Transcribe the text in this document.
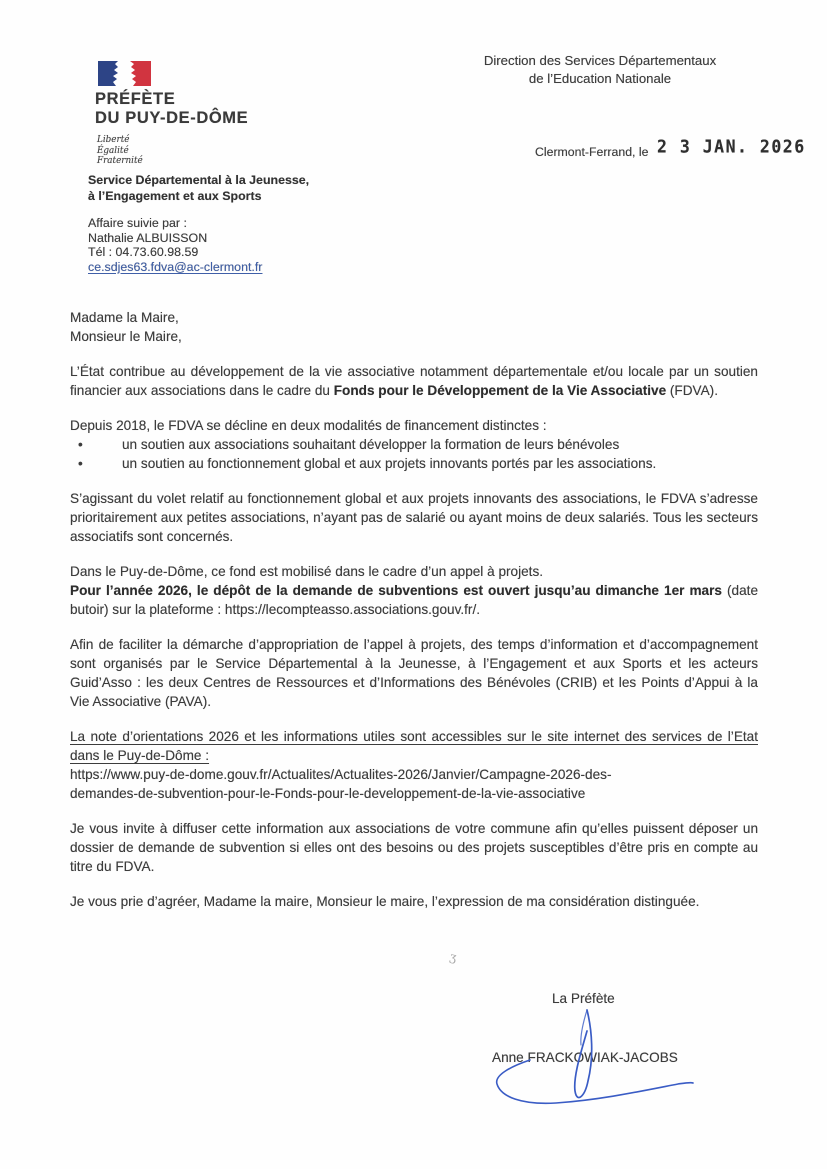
PRÉFÈTE
DU PUY-DE-DÔME
Liberté
Égalité
Fraternité
Direction des Services Départementaux
de l’Education Nationale
Clermont-Ferrand, le 2 3 JAN. 2026
Service Départemental à la Jeunesse,
à l’Engagement et aux Sports
Affaire suivie par :
Nathalie ALBUISSON
Tél : 04.73.60.98.59
ce.sdjes63.fdva@ac-clermont.fr

Madame la Maire,
Monsieur le Maire,

L’État contribue au développement de la vie associative notamment départementale et/ou locale par un soutien financier aux associations dans le cadre du Fonds pour le Développement de la Vie Associative (FDVA).

Depuis 2018, le FDVA se décline en deux modalités de financement distinctes :
•	un soutien aux associations souhaitant développer la formation de leurs bénévoles
•	un soutien au fonctionnement global et aux projets innovants portés par les associations.

S’agissant du volet relatif au fonctionnement global et aux projets innovants des associations, le FDVA s’adresse prioritairement aux petites associations, n’ayant pas de salarié ou ayant moins de deux salariés. Tous les secteurs associatifs sont concernés.

Dans le Puy-de-Dôme, ce fond est mobilisé dans le cadre d’un appel à projets.
Pour l’année 2026, le dépôt de la demande de subventions est ouvert jusqu’au dimanche 1er mars (date butoir) sur la plateforme : https://lecompteasso.associations.gouv.fr/.

Afin de faciliter la démarche d’appropriation de l’appel à projets, des temps d’information et d’accompagnement sont organisés par le Service Départemental à la Jeunesse, à l’Engagement et aux Sports et les acteurs Guid’Asso : les deux Centres de Ressources et d’Informations des Bénévoles (CRIB) et les Points d’Appui à la Vie Associative (PAVA).

La note d’orientations 2026 et les informations utiles sont accessibles sur le site internet des services de l’Etat dans le Puy-de-Dôme :
https://www.puy-de-dome.gouv.fr/Actualites/Actualites-2026/Janvier/Campagne-2026-des-
demandes-de-subvention-pour-le-Fonds-pour-le-developpement-de-la-vie-associative

Je vous invite à diffuser cette information aux associations de votre commune afin qu’elles puissent déposer un dossier de demande de subvention si elles ont des besoins ou des projets susceptibles d’être pris en compte au titre du FDVA.

Je vous prie d’agréer, Madame la maire, Monsieur le maire, l’expression de ma considération distinguée.

ʒ
La Préfète
Anne FRACKOWIAK-JACOBS
